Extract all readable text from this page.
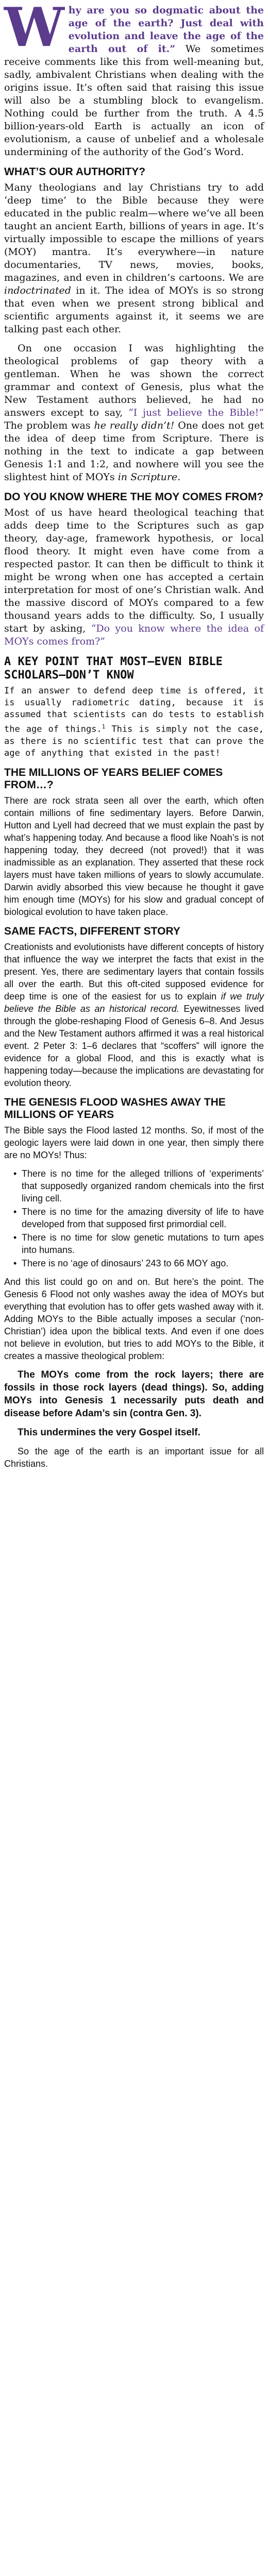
W hy are you so dogmatic about the age of the earth? Just deal with evolution and leave the age of the earth out of it.” We sometimes receive comments like this from well-meaning but, sadly, ambivalent Christians when dealing with the origins issue. It’s often said that raising this issue will also be a stumbling block to evangelism. Nothing could be further from the truth. A 4.5 billion-years-old Earth is actually an icon of evolutionism, a cause of unbelief and a wholesale undermining of the authority of the God’s Word.

WHAT’S OUR AUTHORITY?

Many theologians and lay Christians try to add ‘deep time’ to the Bible because they were educated in the public realm—where we’ve all been taught an ancient Earth, billions of years in age. It’s virtually impossible to escape the millions of years (MOY) mantra. It’s everywhere—in nature documentaries, TV news, movies, books, magazines, and even in children’s cartoons. We are indoctrinated in it. The idea of MOYs is so strong that even when we present strong biblical and scientific arguments against it, it seems we are talking past each other.

On one occasion I was highlighting the theological problems of gap theory with a gentleman. When he was shown the correct grammar and context of Genesis, plus what the New Testament authors believed, he had no answers except to say, “I just believe the Bible!” The problem was he really didn’t! One does not get the idea of deep time from Scripture. There is nothing in the text to indicate a gap between Genesis 1:1 and 1:2, and nowhere will you see the slightest hint of MOYs in Scripture.

DO YOU KNOW WHERE THE MOY COMES FROM?

Most of us have heard theological teaching that adds deep time to the Scriptures such as gap theory, day-age, framework hypothesis, or local flood theory. It might even have come from a respected pastor. It can then be difficult to think it might be wrong when one has accepted a certain interpretation for most of one’s Christian walk. And the massive discord of MOYs compared to a few thousand years adds to the difficulty. So, I usually start by asking, “Do you know where the idea of MOYs comes from?”

A KEY POINT THAT MOST—EVEN BIBLE SCHOLARS—DON’T KNOW

If an answer to defend deep time is offered, it is usually radiometric dating, because it is assumed that scientists can do tests to establish the age of things.$^1$ This is simply not the case, as there is no scientific test that can prove the age of anything that existed in the past!

THE MILLIONS OF YEARS BELIEF COMES FROM…?

There are rock strata seen all over the earth, which often contain millions of fine sedimentary layers. Before Darwin, Hutton and Lyell had decreed that we must explain the past by what’s happening today. And because a flood like Noah’s is not happening today, they decreed (not proved!) that it was inadmissible as an explanation. They asserted that these rock layers must have taken millions of years to slowly accumulate. Darwin avidly absorbed this view because he thought it gave him enough time (MOYs) for his slow and gradual concept of biological evolution to have taken place.

SAME FACTS, DIFFERENT STORY

Creationists and evolutionists have different concepts of history that influence the way we interpret the facts that exist in the present. Yes, there are sedimentary layers that contain fossils all over the earth. But this oft-cited supposed evidence for deep time is one of the easiest for us to explain if we truly believe the Bible as an historical record. Eyewitnesses lived through the globe-reshaping Flood of Genesis 6–8. And Jesus and the New Testament authors affirmed it was a real historical event. 2 Peter 3: 1–6 declares that “scoffers” will ignore the evidence for a global Flood, and this is exactly what is happening today—because the implications are devastating for evolution theory.

THE GENESIS FLOOD WASHES AWAY THE MILLIONS OF YEARS

The Bible says the Flood lasted 12 months. So, if most of the geologic layers were laid down in one year, then simply there are no MOYs! Thus:

• There is no time for the alleged trillions of ‘experiments’ that supposedly organized random chemicals into the first living cell.
• There is no time for the amazing diversity of life to have developed from that supposed first primordial cell.
• There is no time for slow genetic mutations to turn apes into humans.
• There is no ‘age of dinosaurs’ 243 to 66 MOY ago.

And this list could go on and on. But here’s the point. The Genesis 6 Flood not only washes away the idea of MOYs but everything that evolution has to offer gets washed away with it. Adding MOYs to the Bible actually imposes a secular (‘non-Christian’) idea upon the biblical texts. And even if one does not believe in evolution, but tries to add MOYs to the Bible, it creates a massive theological problem:

The MOYs come from the rock layers; there are fossils in those rock layers (dead things). So, adding MOYs into Genesis 1 necessarily puts death and disease before Adam’s sin (contra Gen. 3).

This undermines the very Gospel itself.

So the age of the earth is an important issue for all Christians.
